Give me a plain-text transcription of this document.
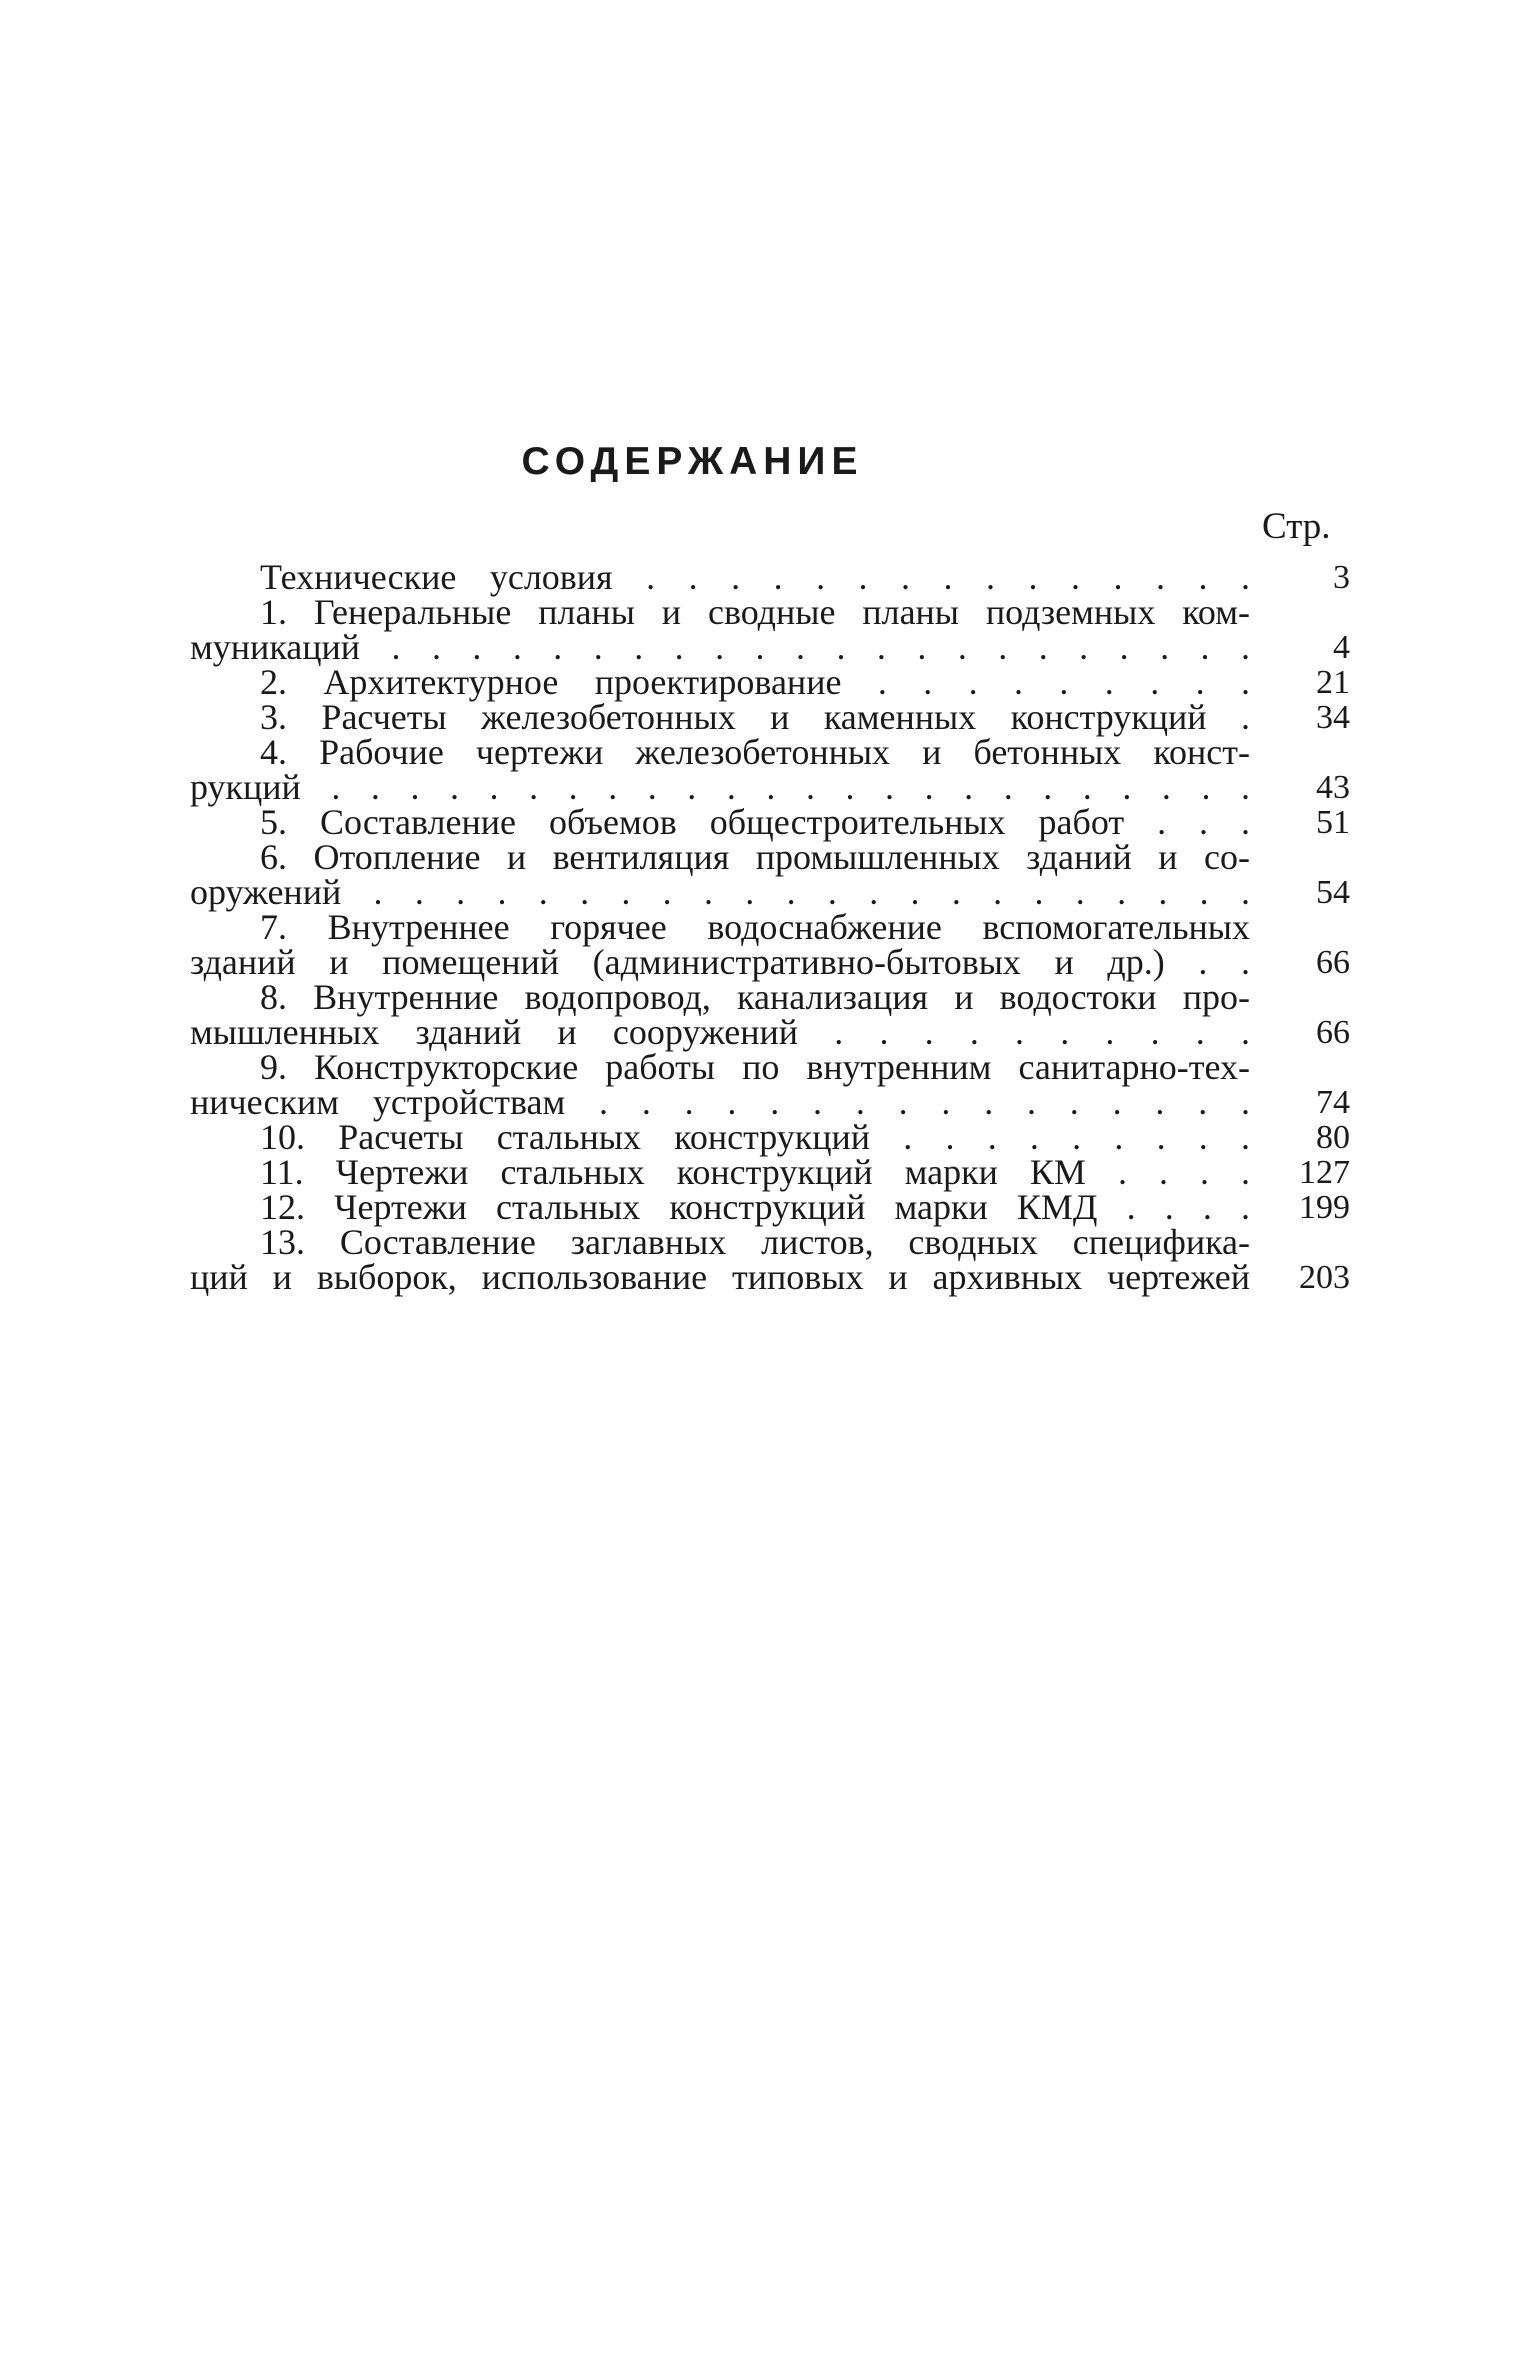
СОДЕРЖАНИЕ
Стр.
Технические условия . . . . . . . . . . . . . . .	3
1. Генеральные планы и сводные планы подземных ком-
муникаций . . . . . . . . . . . . . . . . . . . . . .	4
2. Архитектурное проектирование . . . . . . . . .	21
3. Расчеты железобетонных и каменных конструкций .	34
4. Рабочие чертежи железобетонных и бетонных конст-
рукций . . . . . . . . . . . . . . . . . . . . . . . .	43
5. Составление объемов общестроительных работ . . .	51
6. Отопление и вентиляция промышленных зданий и со-
оружений . . . . . . . . . . . . . . . . . . . . . .	54
7. Внутреннее горячее водоснабжение вспомогательных
зданий и помещений (административно-бытовых и др.) . .	66
8. Внутренние водопровод, канализация и водостоки про-
мышленных зданий и сооружений . . . . . . . . . .	66
9. Конструкторские работы по внутренним санитарно-тех-
ническим устройствам . . . . . . . . . . . . . . . .	74
10. Расчеты стальных конструкций . . . . . . . . .	80
11. Чертежи стальных конструкций марки КМ . . . .	127
12. Чертежи стальных конструкций марки КМД . . . .	199
13. Составление заглавных листов, сводных специфика-
ций и выборок, использование типовых и архивных чертежей	203
